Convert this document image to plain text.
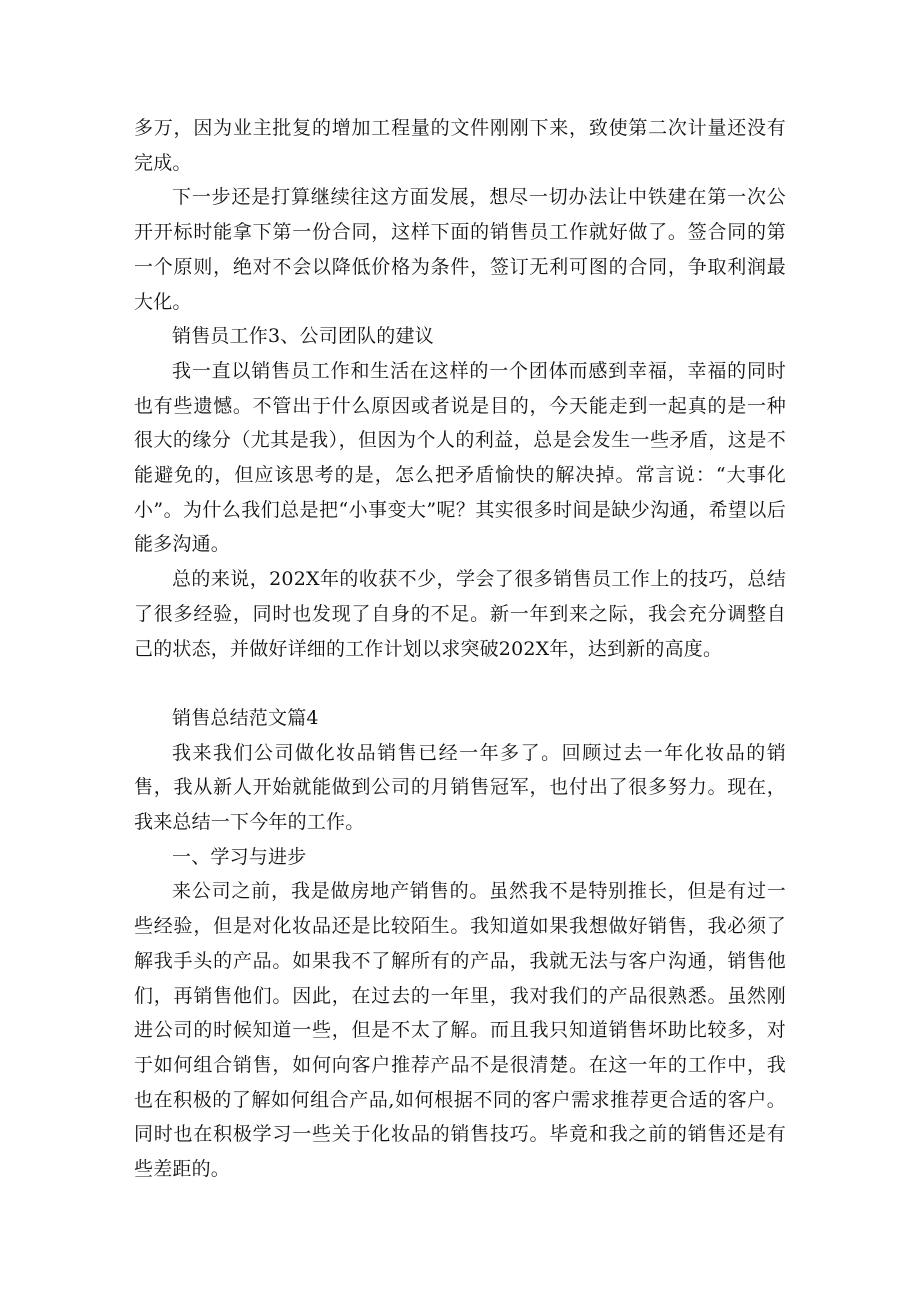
多万，因为业主批复的增加工程量的文件刚刚下来，致使第二次计量还没有完成。

下一步还是打算继续往这方面发展，想尽一切办法让中铁建在第一次公开开标时能拿下第一份合同，这样下面的销售员工作就好做了。签合同的第一个原则，绝对不会以降低价格为条件，签订无利可图的合同，争取利润最大化。

销售员工作3、公司团队的建议

我一直以销售员工作和生活在这样的一个团体而感到幸福，幸福的同时也有些遗憾。不管出于什么原因或者说是目的，今天能走到一起真的是一种很大的缘分（尤其是我），但因为个人的利益，总是会发生一些矛盾，这是不能避免的，但应该思考的是，怎么把矛盾愉快的解决掉。常言说：“大事化小”。为什么我们总是把“小事变大”呢？其实很多时间是缺少沟通，希望以后能多沟通。

总的来说，202X年的收获不少，学会了很多销售员工作上的技巧，总结了很多经验，同时也发现了自身的不足。新一年到来之际，我会充分调整自己的状态，并做好详细的工作计划以求突破202X年，达到新的高度。

销售总结范文篇4

我来我们公司做化妆品销售已经一年多了。回顾过去一年化妆品的销售，我从新人开始就能做到公司的月销售冠军，也付出了很多努力。现在，我来总结一下今年的工作。

一、学习与进步

来公司之前，我是做房地产销售的。虽然我不是特别推长，但是有过一些经验，但是对化妆品还是比较陌生。我知道如果我想做好销售，我必须了解我手头的产品。如果我不了解所有的产品，我就无法与客户沟通，销售他们，再销售他们。因此，在过去的一年里，我对我们的产品很熟悉。虽然刚进公司的时候知道一些，但是不太了解。而且我只知道销售坏助比较多，对于如何组合销售，如何向客户推荐产品不是很清楚。在这一年的工作中，我也在积极的了解如何组合产品,如何根据不同的客户需求推荐更合适的客户。同时也在积极学习一些关于化妆品的销售技巧。毕竟和我之前的销售还是有些差距的。
